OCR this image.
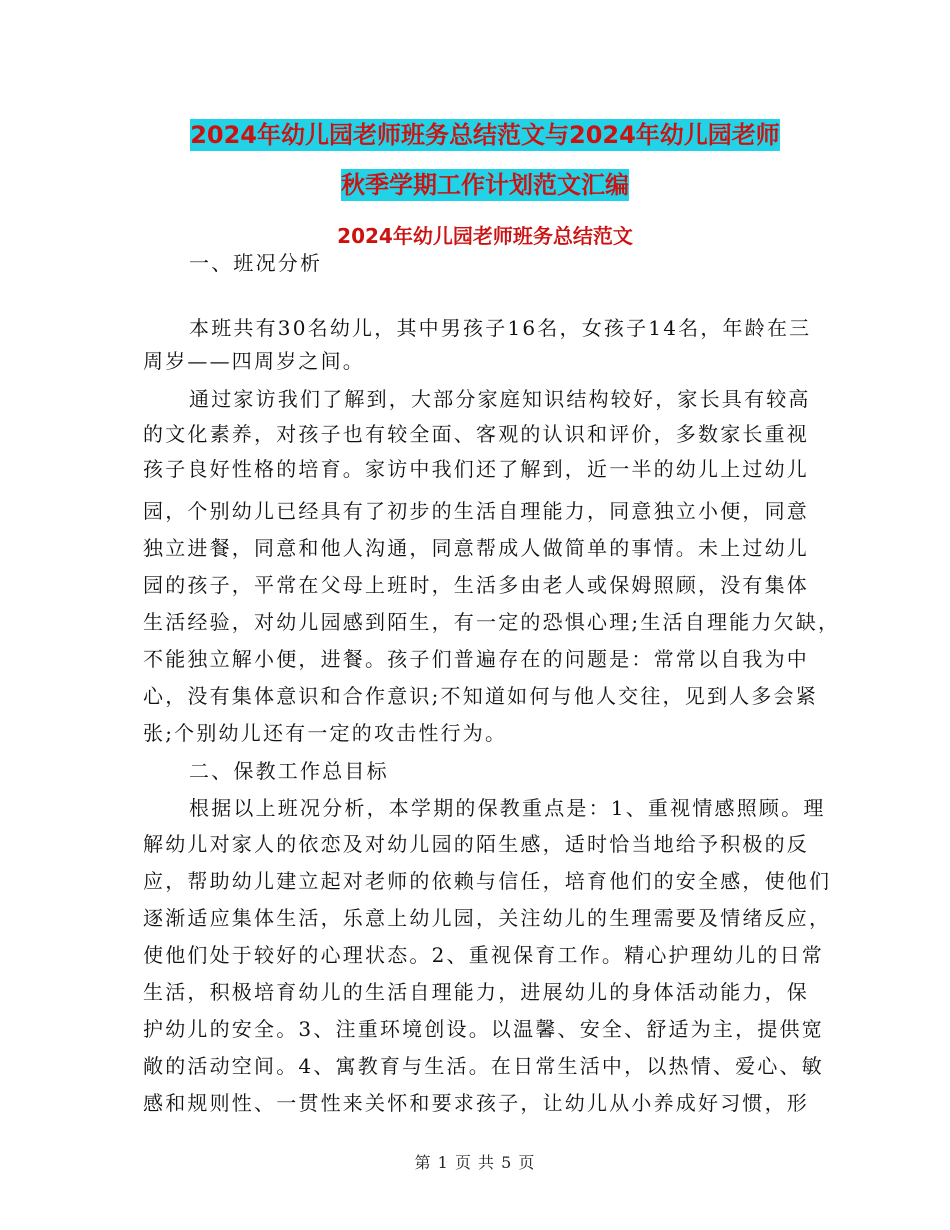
2024年幼儿园老师班务总结范文与2024年幼儿园老师
秋季学期工作计划范文汇编
2024年幼儿园老师班务总结范文
一、班况分析
本班共有30名幼儿，其中男孩子16名，女孩子14名，年龄在三
周岁——四周岁之间。
通过家访我们了解到，大部分家庭知识结构较好，家长具有较高
的文化素养，对孩子也有较全面、客观的认识和评价，多数家长重视
孩子良好性格的培育。家访中我们还了解到，近一半的幼儿上过幼儿
园，个别幼儿已经具有了初步的生活自理能力，同意独立小便，同意
独立进餐，同意和他人沟通，同意帮成人做简单的事情。未上过幼儿
园的孩子，平常在父母上班时，生活多由老人或保姆照顾，没有集体
生活经验，对幼儿园感到陌生，有一定的恐惧心理;生活自理能力欠缺，
不能独立解小便，进餐。孩子们普遍存在的问题是：常常以自我为中
心，没有集体意识和合作意识;不知道如何与他人交往，见到人多会紧
张;个别幼儿还有一定的攻击性行为。
二、保教工作总目标
根据以上班况分析，本学期的保教重点是：1、重视情感照顾。理
解幼儿对家人的依恋及对幼儿园的陌生感，适时恰当地给予积极的反
应，帮助幼儿建立起对老师的依赖与信任，培育他们的安全感，使他们
逐渐适应集体生活，乐意上幼儿园，关注幼儿的生理需要及情绪反应，
使他们处于较好的心理状态。2、重视保育工作。精心护理幼儿的日常
生活，积极培育幼儿的生活自理能力，进展幼儿的身体活动能力，保
护幼儿的安全。3、注重环境创设。以温馨、安全、舒适为主，提供宽
敞的活动空间。4、寓教育与生活。在日常生活中，以热情、爱心、敏
感和规则性、一贯性来关怀和要求孩子，让幼儿从小养成好习惯，形
第 1 页 共 5 页
